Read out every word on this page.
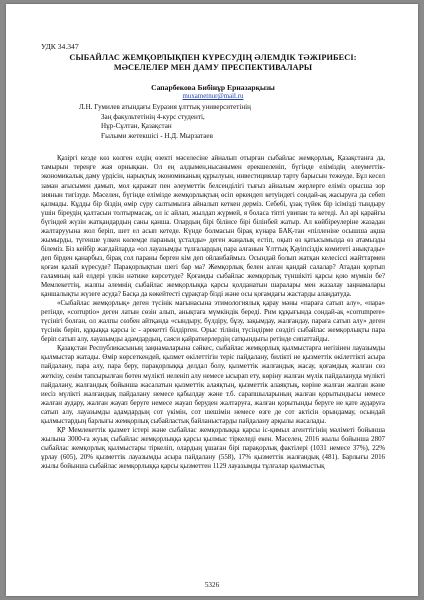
УДК 34.347
СЫБАЙЛАС ЖЕМҚОРЛЫҚПЕН КҮРЕСУДІҢ ӘЛЕМДІК ТӘЖІРИБЕСІ:
МӘСЕЛЕЛЕР МЕН ДАМУ ПРЕСПЕКТИВАЛАРЫ
Сапарбекова Бибінұр Ерназарқызы
muxametnur@mail.ru
Л.Н. Гумилев атындағы Еуразия ұлттық университетінің
Заң факультетінің 4-курс студенті,
Нұр-Сұлтан, Қазақстан
Ғылыми жетекшісі - Н.Д. Мырзатаев

Қазіргі кезде көз көлген елдің өзекті мәселесіне айналып отырған сыбайлас жемқорлық, Қазақстанға да, тамырын тереңге жая орнықкан. Ол ең алдымен,нысанымен ерекшеленіп, бүгінде еліміздің әлеуметтік-экономикалық даму үрдісін, нарықтық экономиканың құрылуын, инвестициялар тарту барысын тежеуде. Бұл кесел заман ағысымен дамып, мол қаражат пен әлеуметтік белсенділігі тығыз айналым жерлерге еліміз орысша зор зиянын тигізуде. Мәселен, бүгінде елімізде жемқорлықтың өсіп өркендеп кетуіндегі сондай-ақ жасыруға да себеп қалмады. Кұдды бір біздің өмір сүру салтымызға айналып кеткен дерміз. Себебі, ұзақ түйек бір ісімізді тындыру үшін біреудің қалтасын толтырмасақ, ол іс айлап, жылдап жүрмей, я боласа тіпті увипан та кетеді. Ал әрі қарайғы бүгіндей жүзін жатқандардың саны қанша. Олардың бірі білінсе бірі білінбей жатыр. Ал көйбіреулеріне жазадан жалтарууына жол беріп, шет ел асып кетеде. Күнде болмасын бірақ күнара БАҚ-тан «пілленіне осышша ақша жымырды, түгенше үлкен көлемде параның ұсталды» деген жаңалық естіп, оқып өз қатысымызда өз атамызды білеміз. Біз кейбір жағдайларда «ол лауазымды тұлғалардың пара алғанын Ұлттық Қауіпсіздік комитеті анықтады» деп бірден қанарбыз, бірақ сол параны берген кім деп ойланбаймыз. Осындай болып жатқан келесіссі жайттармен қоғам қалай күресуде? Парақорлықтын шегі бар ма? Жемқорлық белен алған қандай салалар? Атадан қортып ғаламның кай елдері үлкін нәтиже көрсетуде? Қоғамды сыбайлас жемқорлық түншікіті қарсы қою мүмкін бе? Мемлекеттің, жалпы әлемнің сыбайлас жемқорлыққа қарсы қолданатын шаралары мен жазалау заңнамалары қаншалықты жүзеге асуда? Басқа да көкейтесті сұрақтар бізді және осы қоғамдағы жастарды алаңдатуда.

«Сыбайлас жемқорлық» деген түсінік мағынасына этимологиялық қарау мәны «параға сатып алу», «пара» ретінде, «corruptio» деген латын сөзін алып, анықтаға мүмкіндік береді. Рим құқығында сондай-ақ «corrumpere» түсінігі болған, ол жалпы сөзбен айтқанда «сындыру, бүлдіру, бұзу, зақымдау, жалғандау, параға сатып алу» деген түсінік беріп, құқыққа қарсы іс - әрекетті білдірген. Орыс тілінің түсіндірме сөздігі сыбайлас жемқорлықты пара беріп сатып алу, лауазымды адамдардың, саяси қайраткерлердің сатқындығы ретінде сипаттайды.

Қазақстан Республикасының заңнамаларына сәйкес, сыбайлас жемқорлық қылмыстарға негізінен лауазымды қылмыстар жатады. Өмір көрсеткендей, қызмет өкілеттігін теріс пайдалану, билікті не қызметтік өкілеттікті асыра пайдалану, пара алу, пара беру, парақорлыққа делдал болу, қызметтік жалғандық жасау, қоғамдық жалған сөз жеткізу, сенім тапсырылған бөтен мүлікті иеленіп алу немесе ысырап ету, көріну жалған мүлік пайдалануда мүлікті пайдалану, жалғандық бойынша жасалатын қызметтік алаяқтың, қызметтік алаяқтық, көріне жалған жалған және иесіз мүлікті жалғандық пайдалану немесе қабылдау және т.б. сарапшыларының жалған қорытындысы немесе жалған аудару, жалған жауап беруге немесе жауап беруден жалтаруға, жалған қорытынды беруге не қате аударуға сатып алу, лауазымды адамдардың сот үкімін, сот шешімін немесе өзге де сот актісін орындамау, осындай қылмыстардың барлығы жемқорлық сыбайластық байланыстарды пайдалану арқылы жасалады.

ҚР Мемлекеттік қызмет істері және сыбайлас жемқорлыққа қарсы іс-қимыл агенттігінің мәліметі бойынша жылына 3000-ға жуық сыбайлас жемқорлыққа қарсы қылмыс тіркеледі екен. Мәселен, 2016 жылы бойынша 2807 сыбайлас жемқорлық қылмыстары тіркеліп, олардың ұшаған бірі парақорлық фактілері (1031 немесе 37%), 22% ұрлау (605), 20% қызметтік лауазымды асыра пайдалану (558), 17% қызметтік жалғандық (481). Барлығы 2016 жылы бойынша сыбайлас жемқорлыққа қарсы қызметтен 1129 лауазымды тұлғалар қылмыстық

5326
